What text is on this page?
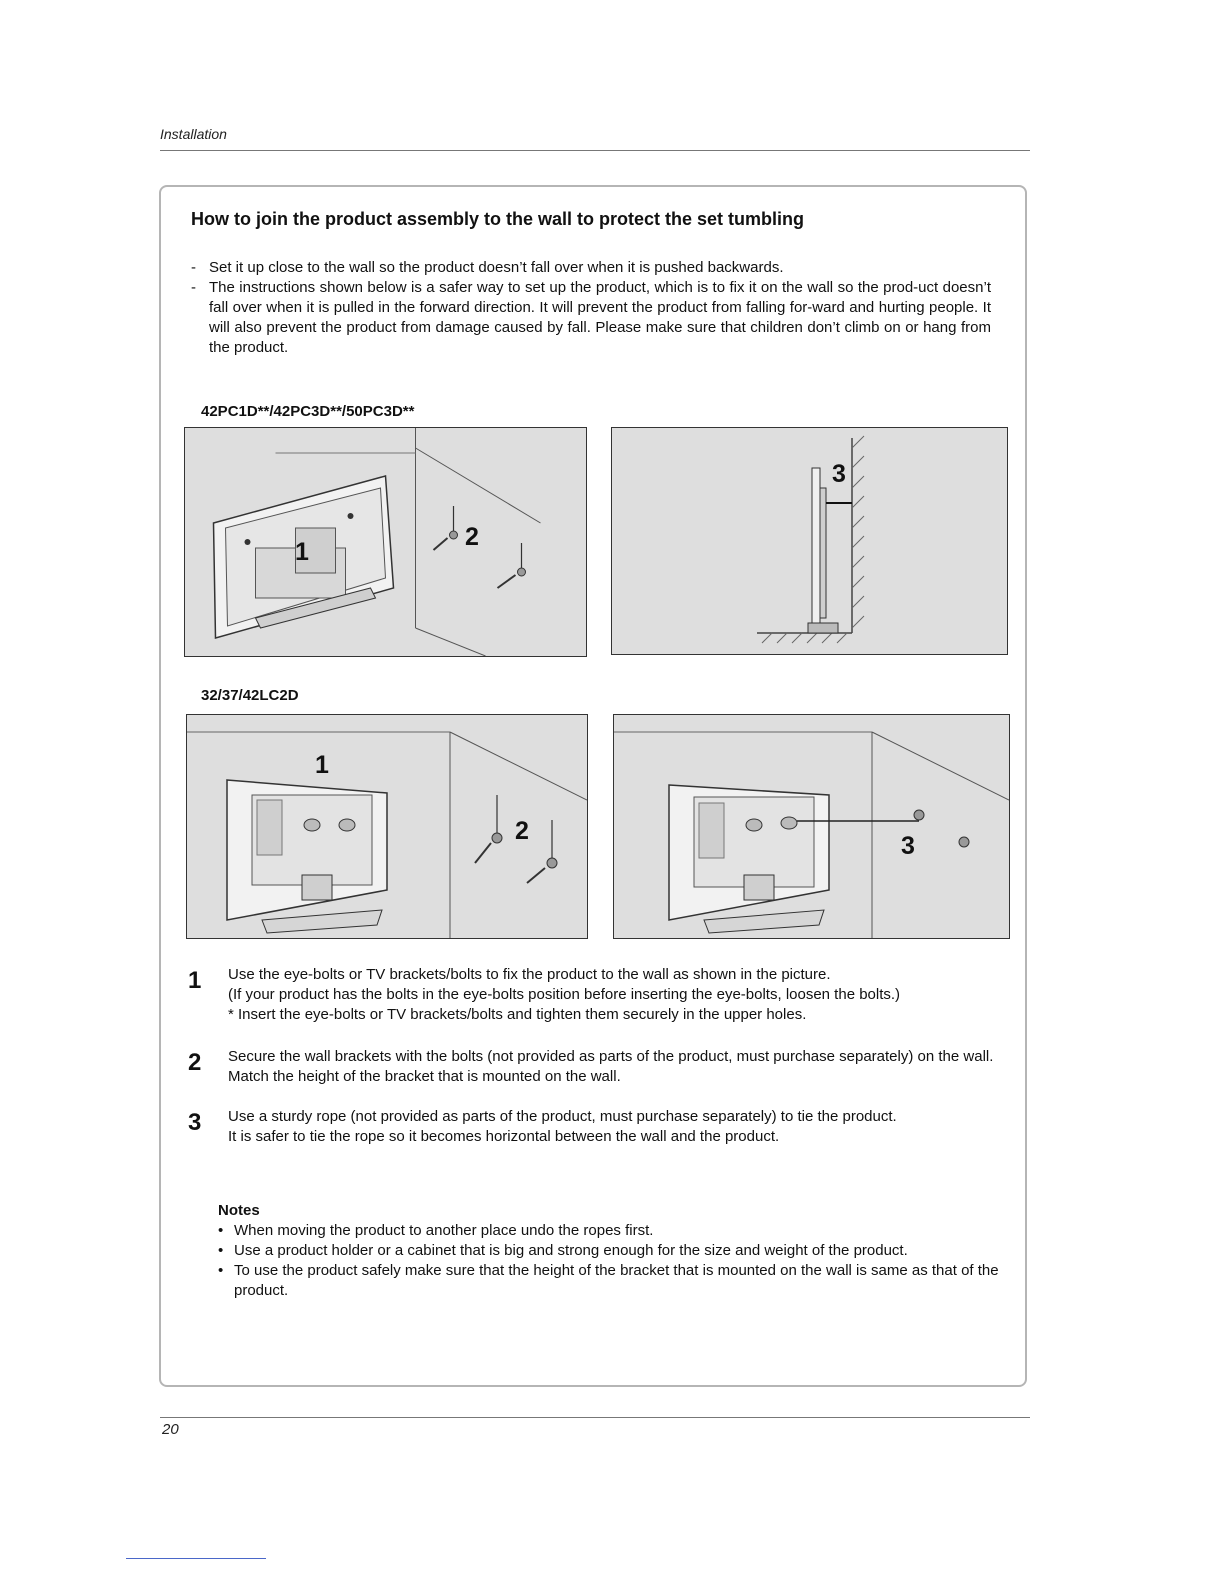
Installation
How to join the product assembly to the wall to protect the set tumbling
- Set it up close to the wall so the product doesn’t fall over when it is pushed backwards.
- The instructions shown below is a safer way to set up the product, which is to fix it on the wall so the prod-uct doesn’t fall over when it is pulled in the forward direction. It will prevent the product from falling for-ward and hurting people. It will also prevent the product from damage caused by fall. Please make sure that children don’t climb on or hang from the product.
42PC1D**/42PC3D**/50PC3D**
1
2
3
32/37/42LC2D
1
2
3
1	Use the eye-bolts or TV brackets/bolts to fix the product to the wall as shown in the picture.
(If your product has the bolts in the eye-bolts position before inserting the eye-bolts, loosen the bolts.)
* Insert the eye-bolts or TV brackets/bolts and tighten them securely in the upper holes.
2	Secure the wall brackets with the bolts (not provided as parts of the product, must purchase separately) on the wall. Match the height of the bracket that is mounted on the wall.
3	Use a sturdy rope (not provided as parts of the product, must purchase separately) to tie the product.
It is safer to tie the rope so it becomes horizontal between the wall and the product.
Notes
• When moving the product to another place undo the ropes first.
• Use a product holder or a cabinet that is big and strong enough for the size and weight of the product.
• To use the product safely make sure that the height of the bracket that is mounted on the wall is same as that of the product.
20
